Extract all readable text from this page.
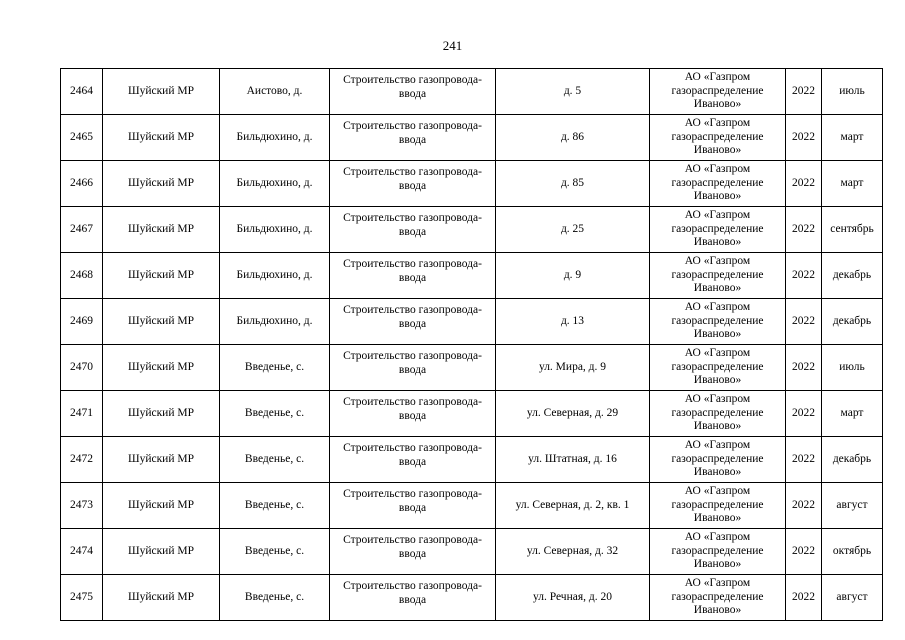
241
2464	Шуйский МР	Аистово, д.	Строительство газопровода-ввода	д. 5	АО «Газпром газораспределение Иваново»	2022	июль
2465	Шуйский МР	Бильдюхино, д.	Строительство газопровода-ввода	д. 86	АО «Газпром газораспределение Иваново»	2022	март
2466	Шуйский МР	Бильдюхино, д.	Строительство газопровода-ввода	д. 85	АО «Газпром газораспределение Иваново»	2022	март
2467	Шуйский МР	Бильдюхино, д.	Строительство газопровода-ввода	д. 25	АО «Газпром газораспределение Иваново»	2022	сентябрь
2468	Шуйский МР	Бильдюхино, д.	Строительство газопровода-ввода	д. 9	АО «Газпром газораспределение Иваново»	2022	декабрь
2469	Шуйский МР	Бильдюхино, д.	Строительство газопровода-ввода	д. 13	АО «Газпром газораспределение Иваново»	2022	декабрь
2470	Шуйский МР	Введенье, с.	Строительство газопровода-ввода	ул. Мира, д. 9	АО «Газпром газораспределение Иваново»	2022	июль
2471	Шуйский МР	Введенье, с.	Строительство газопровода-ввода	ул. Северная, д. 29	АО «Газпром газораспределение Иваново»	2022	март
2472	Шуйский МР	Введенье, с.	Строительство газопровода-ввода	ул. Штатная, д. 16	АО «Газпром газораспределение Иваново»	2022	декабрь
2473	Шуйский МР	Введенье, с.	Строительство газопровода-ввода	ул. Северная, д. 2, кв. 1	АО «Газпром газораспределение Иваново»	2022	август
2474	Шуйский МР	Введенье, с.	Строительство газопровода-ввода	ул. Северная, д. 32	АО «Газпром газораспределение Иваново»	2022	октябрь
2475	Шуйский МР	Введенье, с.	Строительство газопровода-ввода	ул. Речная, д. 20	АО «Газпром газораспределение Иваново»	2022	август
